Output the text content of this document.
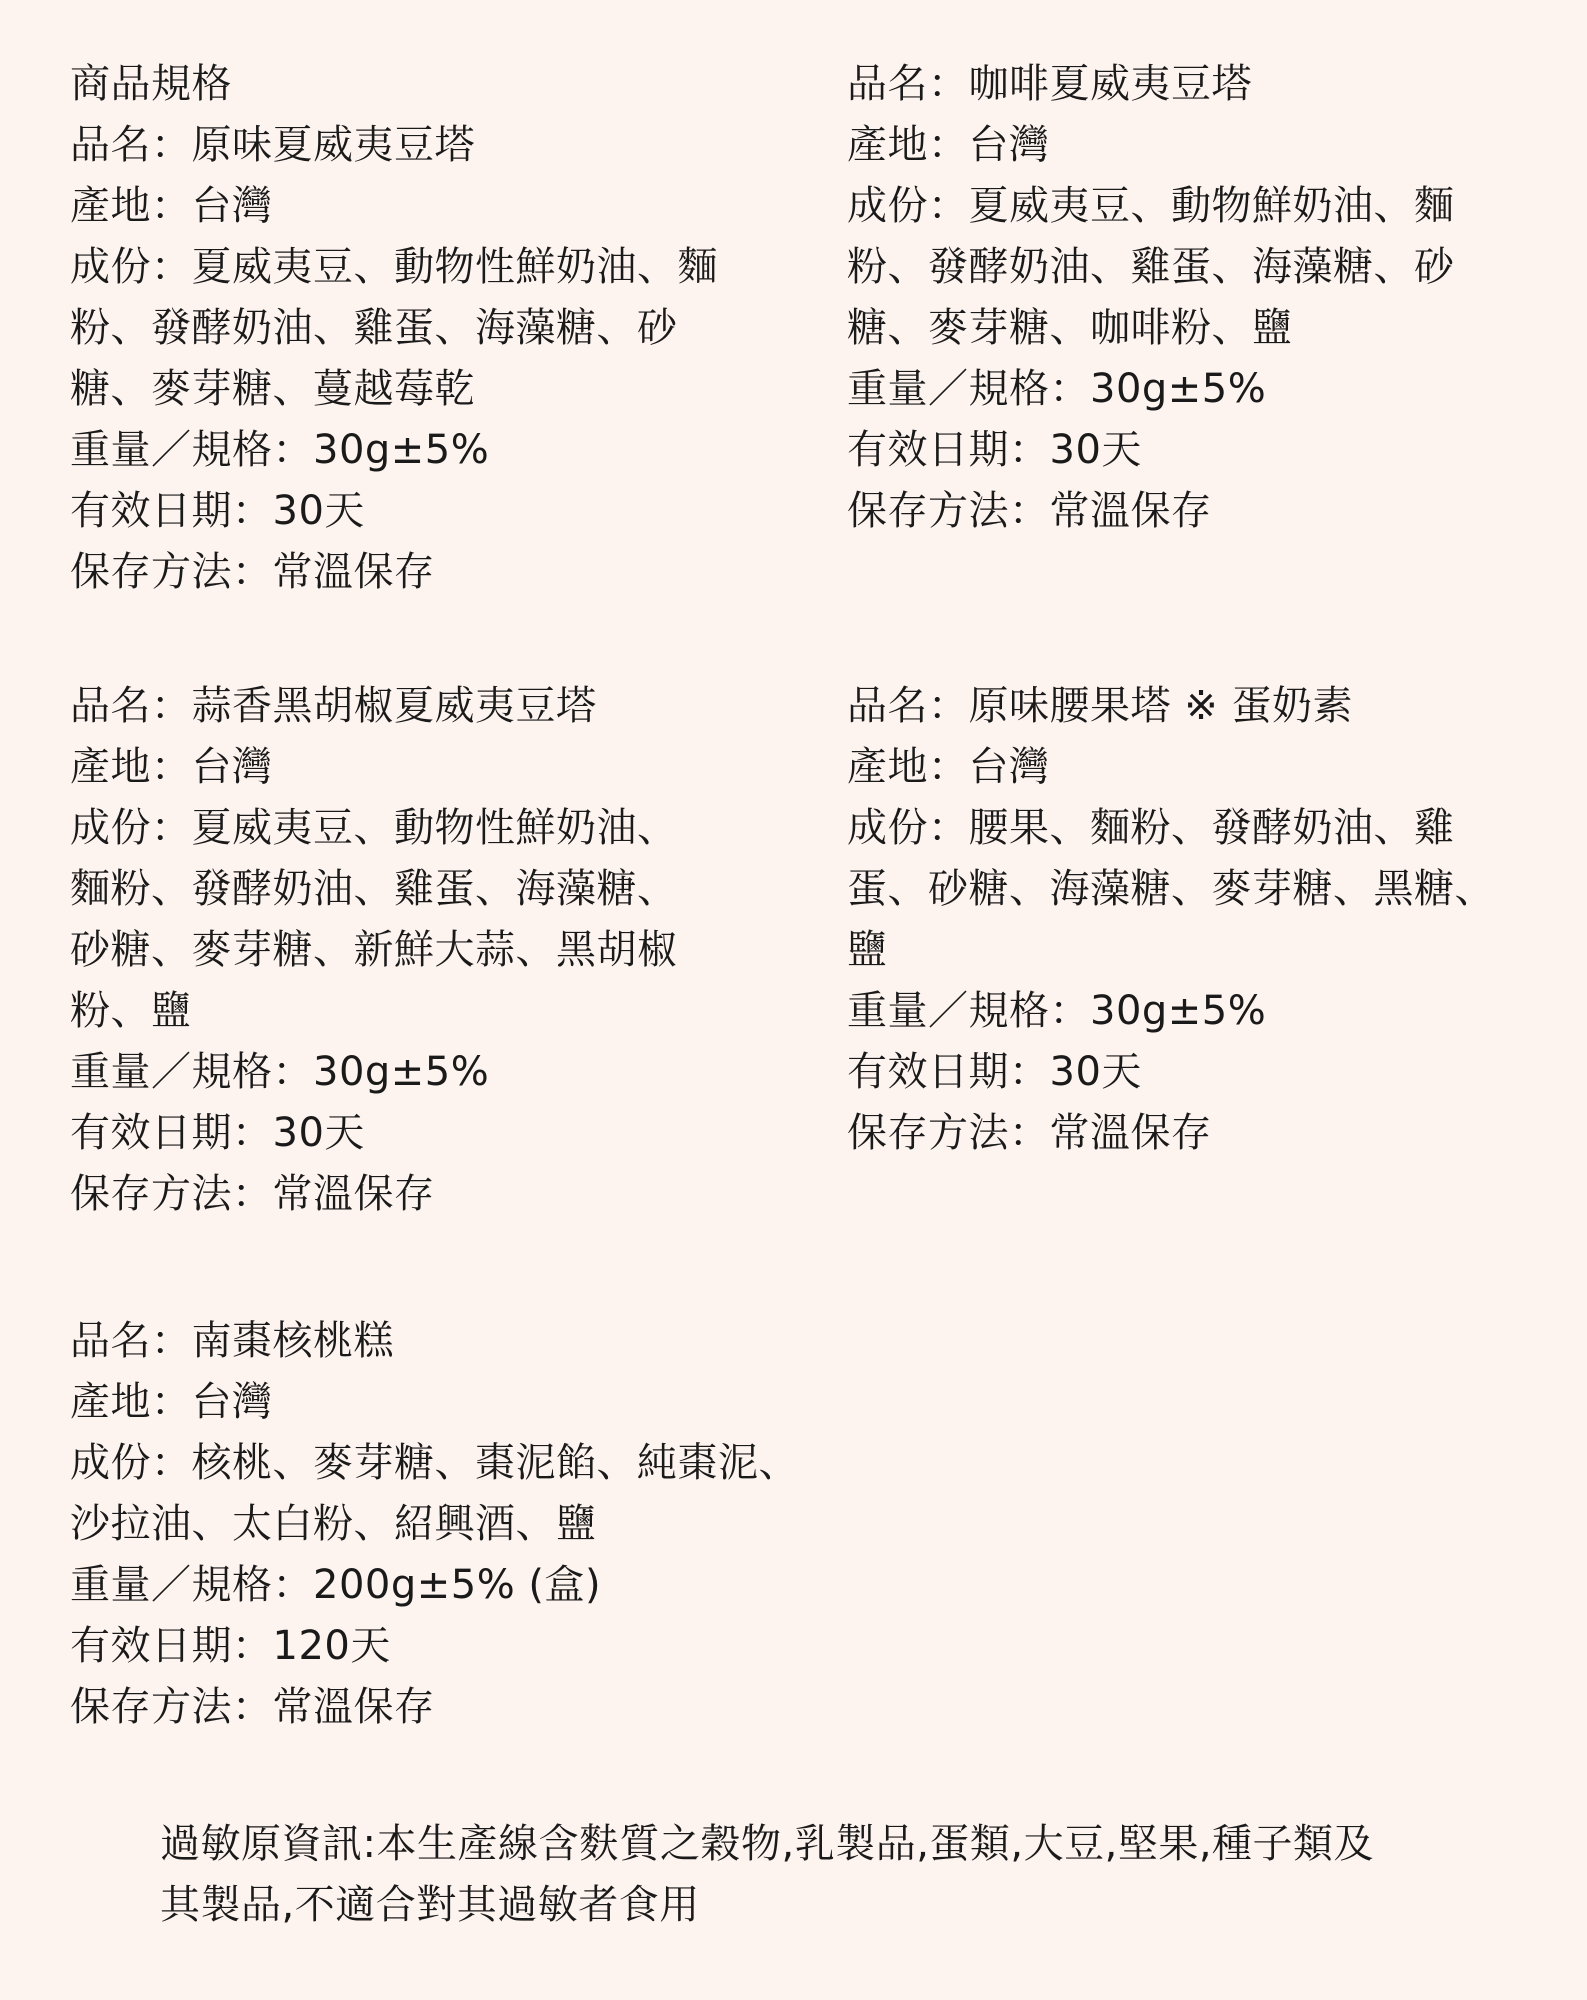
商品規格
品名：原味夏威夷豆塔
產地：台灣
成份：夏威夷豆、動物性鮮奶油、麵
粉、發酵奶油、雞蛋、海藻糖、砂
糖、麥芽糖、蔓越莓乾
重量／規格：30g±5%
有效日期：30天
保存方法：常溫保存
品名：咖啡夏威夷豆塔
產地：台灣
成份：夏威夷豆、動物鮮奶油、麵
粉、發酵奶油、雞蛋、海藻糖、砂
糖、麥芽糖、咖啡粉、鹽
重量／規格：30g±5%
有效日期：30天
保存方法：常溫保存
品名：蒜香黑胡椒夏威夷豆塔
產地：台灣
成份：夏威夷豆、動物性鮮奶油、
麵粉、發酵奶油、雞蛋、海藻糖、
砂糖、麥芽糖、新鮮大蒜、黑胡椒
粉、鹽
重量／規格：30g±5%
有效日期：30天
保存方法：常溫保存
品名：原味腰果塔 ※ 蛋奶素
產地：台灣
成份：腰果、麵粉、發酵奶油、雞
蛋、砂糖、海藻糖、麥芽糖、黑糖、
鹽
重量／規格：30g±5%
有效日期：30天
保存方法：常溫保存
品名：南棗核桃糕
產地：台灣
成份：核桃、麥芽糖、棗泥餡、純棗泥、
沙拉油、太白粉、紹興酒、鹽
重量／規格：200g±5% (盒)
有效日期：120天
保存方法：常溫保存
過敏原資訊:本生產線含麩質之穀物,乳製品,蛋類,大豆,堅果,種子類及
其製品,不適合對其過敏者食用
